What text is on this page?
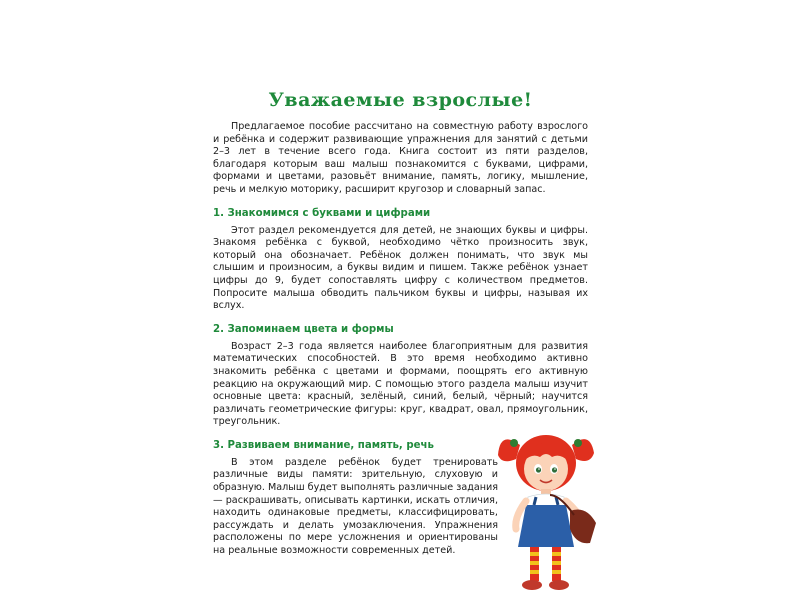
Уважаемые взрослые!

Предлагаемое пособие рассчитано на совместную работу взрослого и ребёнка и содержит развивающие упражнения для занятий с детьми 2–3 лет в течение всего года. Книга состоит из пяти разделов, благодаря которым ваш малыш познакомится с буквами, цифрами, формами и цветами, разовьёт внимание, память, логику, мышление, речь и мелкую моторику, расширит кругозор и словарный запас.

1. Знакомимся с буквами и цифрами

Этот раздел рекомендуется для детей, не знающих буквы и цифры. Знакомя ребёнка с буквой, необходимо чётко произносить звук, который она обозначает. Ребёнок должен понимать, что звук мы слышим и произносим, а буквы видим и пишем. Также ребёнок узнает цифры до 9, будет сопоставлять цифру с количеством предметов. Попросите малыша обводить пальчиком буквы и цифры, называя их вслух.

2. Запоминаем цвета и формы

Возраст 2–3 года является наиболее благоприятным для развития математических способностей. В это время необходимо активно знакомить ребёнка с цветами и формами, поощрять его активную реакцию на окружающий мир. С помощью этого раздела малыш изучит основные цвета: красный, зелёный, синий, белый, чёрный; научится различать геометрические фигуры: круг, квадрат, овал, прямоугольник, треугольник.

3. Развиваем внимание, память, речь

В этом разделе ребёнок будет тренировать различные виды памяти: зрительную, слуховую и образную. Малыш будет выполнять различные задания — раскрашивать, описывать картинки, искать отличия, находить одинаковые предметы, классифицировать, рассуждать и делать умозаключения. Упражнения расположены по мере усложнения и ориентированы на реальные возможности современных детей.
